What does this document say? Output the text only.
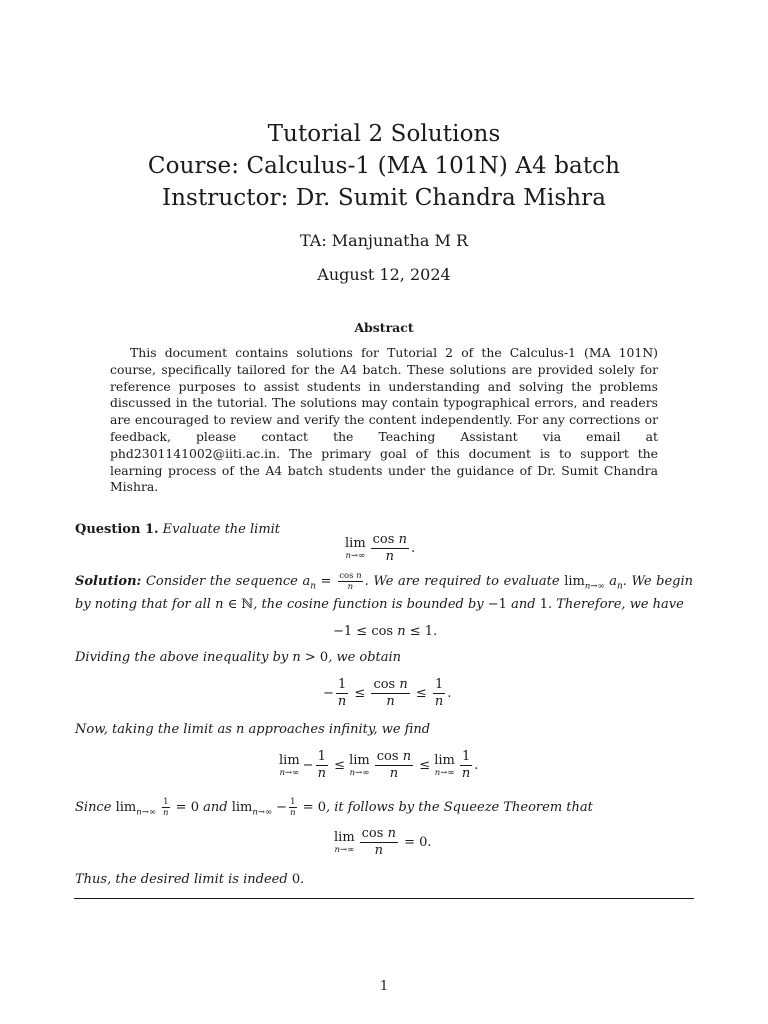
Tutorial 2 Solutions
Course: Calculus-1 (MA 101N) A4 batch
Instructor: Dr. Sumit Chandra Mishra
TA: Manjunatha M R
August 12, 2024
Abstract
This document contains solutions for Tutorial 2 of the Calculus-1 (MA 101N) course, specifically tailored for the A4 batch. These solutions are provided solely for reference purposes to assist students in understanding and solving the problems discussed in the tutorial. The solutions may contain typographical errors, and readers are encouraged to review and verify the content independently. For any corrections or feedback, please contact the Teaching Assistant via email at phd2301141002@iiti.ac.in. The primary goal of this document is to support the learning process of the A4 batch students under the guidance of Dr. Sumit Chandra Mishra.
Question 1. Evaluate the limit
lim
$n\to\infty \frac{\text{cos n}}{n}$ .
Solution: Consider the sequence $a_n = \frac{\text{cos n}}{n}$ . We are required to evaluate $\lim_{n\to\infty} a_n$. We begin by noting that for all n ∈ ℕ, the cosine function is bounded by −1 and 1. Therefore, we have
−1 ≤ cos n ≤ 1.
Dividing the above inequality by n > 0, we obtain
− $\frac{1}{n} \le \frac{\text{cos n}}{n} \le \frac{1}{n}$ .
Now, taking the limit as n approaches infinity, we find
lim
$n\to\infty - \frac{1}{n} \le \lim$
$n\to\infty \frac{\text{cos n}}{n} \le \lim$
$n\to\infty \frac{1}{n}$ .
Since $\lim_{n\to\infty} \frac{1}{n} = 0$ and $\lim_{n\to\infty} - \frac{1}{n} = 0$, it follows by the Squeeze Theorem that
lim
$n\to\infty \frac{\text{cos n}}{n} = 0$.
Thus, the desired limit is indeed 0.
1
